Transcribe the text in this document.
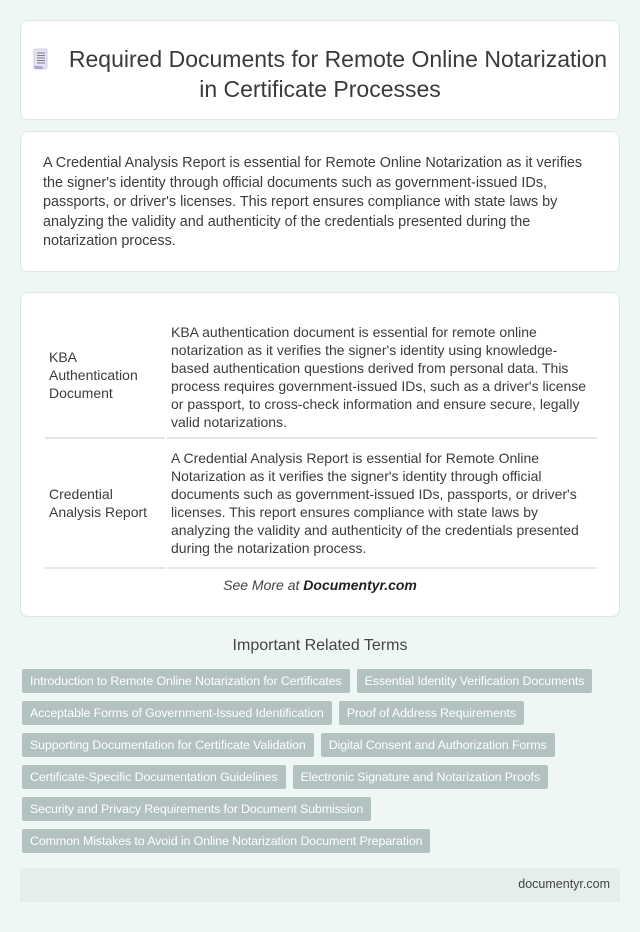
Required Documents for Remote Online Notarization in Certificate Processes

A Credential Analysis Report is essential for Remote Online Notarization as it verifies the signer's identity through official documents such as government-issued IDs, passports, or driver's licenses. This report ensures compliance with state laws by analyzing the validity and authenticity of the credentials presented during the notarization process.

KBA Authentication Document	KBA authentication document is essential for remote online notarization as it verifies the signer's identity using knowledge-based authentication questions derived from personal data. This process requires government-issued IDs, such as a driver's license or passport, to cross-check information and ensure secure, legally valid notarizations.
Credential Analysis Report	A Credential Analysis Report is essential for Remote Online Notarization as it verifies the signer's identity through official documents such as government-issued IDs, passports, or driver's licenses. This report ensures compliance with state laws by analyzing the validity and authenticity of the credentials presented during the notarization process.
See More at Documentyr.com
Important Related Terms
Introduction to Remote Online Notarization for Certificates	Essential Identity Verification Documents
Acceptable Forms of Government-Issued Identification	Proof of Address Requirements
Supporting Documentation for Certificate Validation	Digital Consent and Authorization Forms
Certificate-Specific Documentation Guidelines	Electronic Signature and Notarization Proofs
Security and Privacy Requirements for Document Submission
Common Mistakes to Avoid in Online Notarization Document Preparation
documentyr.com
